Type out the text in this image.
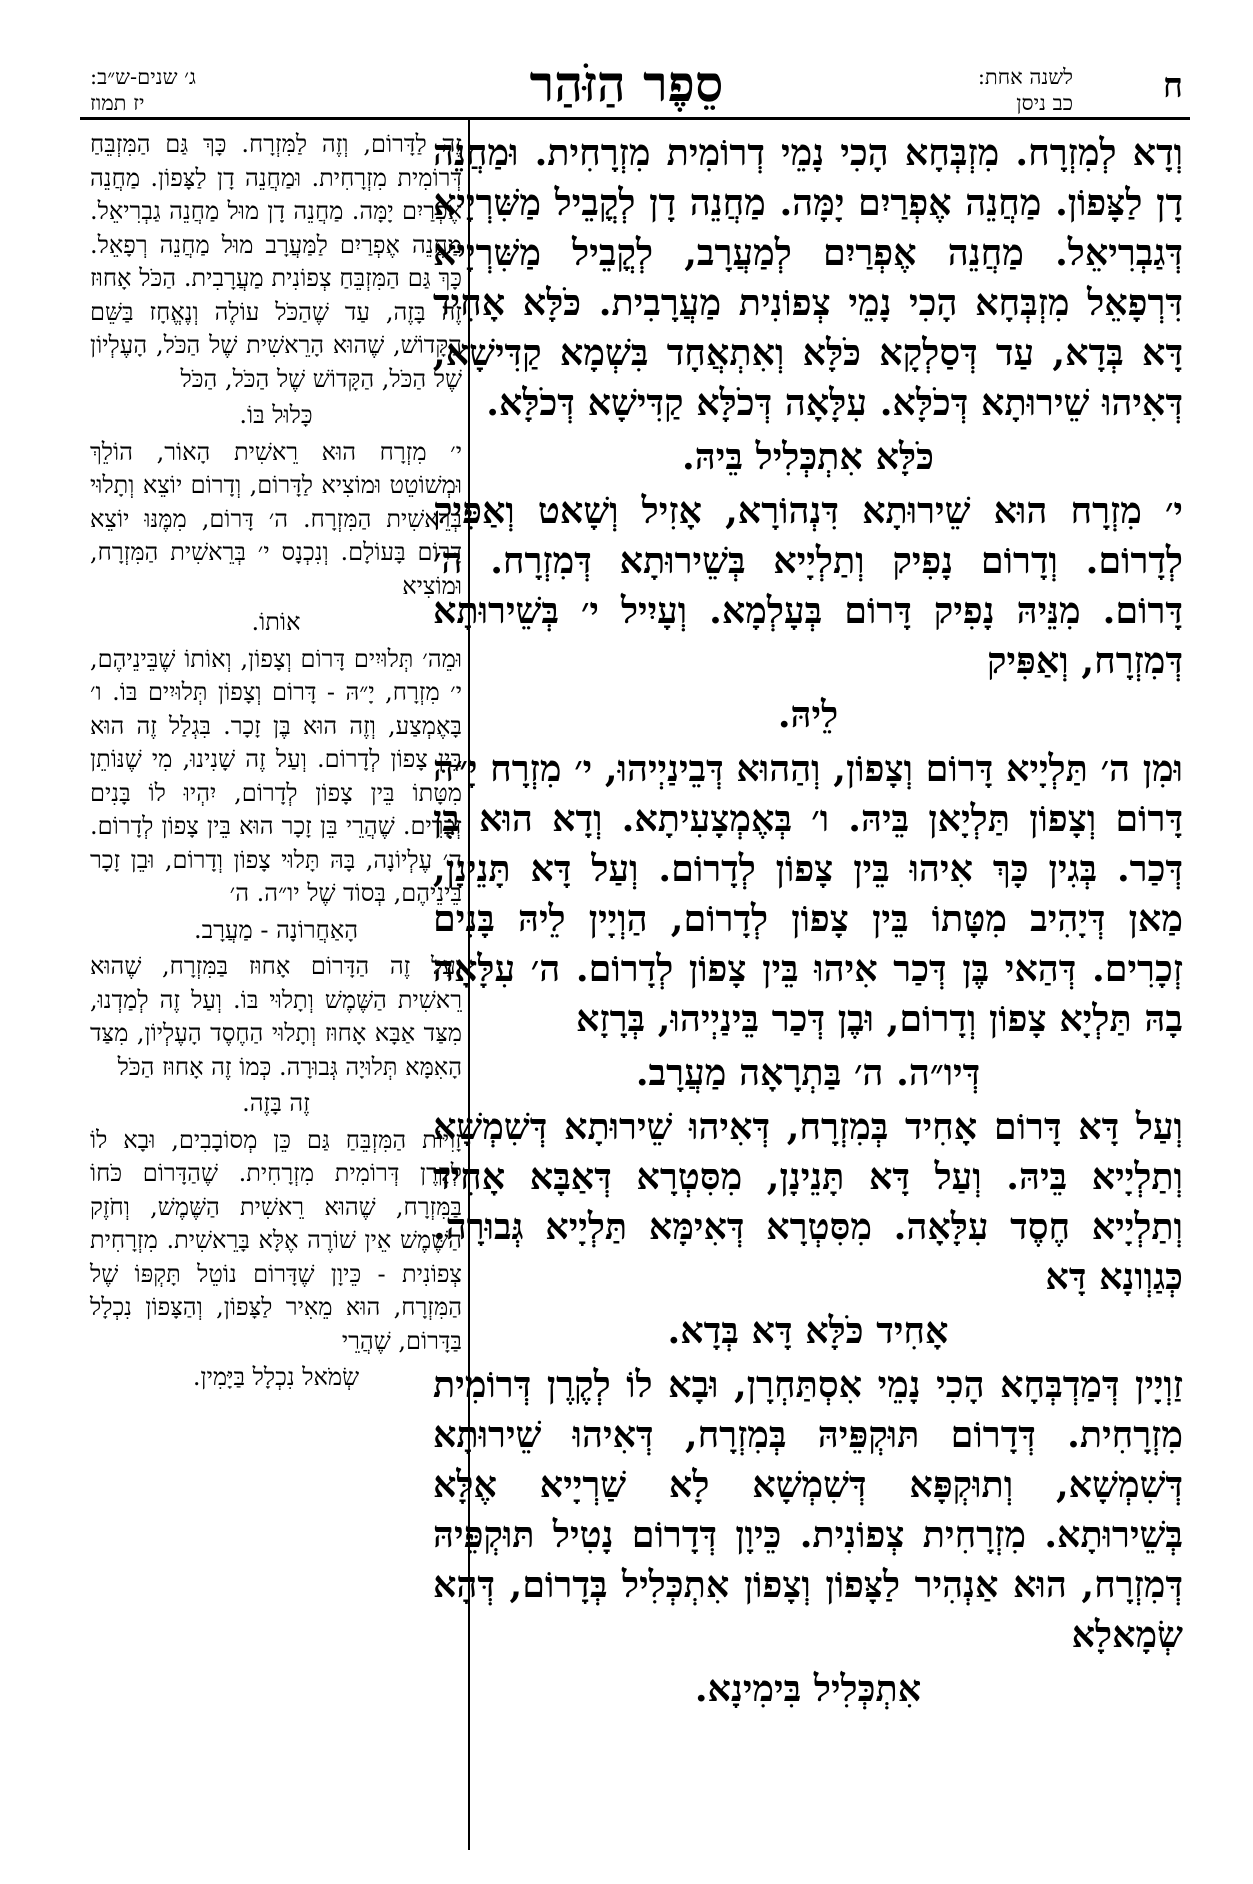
ח
לשנה אחת:
כב ניסן
סֵפֶר הַזֹּהַר
ג׳ שנים-ש״ב:
יז תמוז

וְדָא לְמִזְרָח. מִזְבְּחָא הָכִי נָמֵי דְרוֹמִית מִזְרָחִית. וּמַחֲנֵה דָן לַצָּפוֹן. מַחֲנֵה אֶפְרַיִם יָמָּה. מַחֲנֵה דָן לְקֳבֵיל מַשִּׁרְיָיא דְּגַבְרִיאֵל. מַחֲנֵה אֶפְרַיִם לְמַעֲרָב, לְקֳבֵיל מַשִּׁרְיָיא דִּרְפָאֵל מִזְבְּחָא הָכִי נָמֵי צְפוֹנִית מַעֲרָבִית. כֹּלָּא אָחִיד דָּא בְּדָא, עַד דְּסַלְקָא כֹּלָּא וְאִתְאֲחָד בִּשְׁמָא קַדִּישָׁא, דְּאִיהוּ שֵׁירוּתָא דְּכֹלָּא. עִלָּאָה דְּכֹלָּא קַדִּישָׁא דְּכֹלָּא.

כֹּלָּא אִתְכְּלִיל בֵּיהּ.

י׳ מִזְרָח הוּא שֵׁירוּתָא דִּנְהוֹרָא, אָזִיל וְשָׁאט וְאַפִּיק לְדָרוֹם. וְדָרוֹם נָפִיק וְתַלְיָיא בְּשֵׁירוּתָא דְּמִזְרָח. ה׳ דָּרוֹם. מִנֵּיהּ נָפִיק דָּרוֹם בְּעָלְמָא. וְעָיִיל י׳ בְּשֵׁירוּתָא דְּמִזְרָח, וְאַפִּיק

לֵיהּ.

וּמִן ה׳ תַּלְיָיא דָּרוֹם וְצָפוֹן, וְהַהוּא דְּבֵינַיְיהוּ, י׳ מִזְרָח יָ״הּ דָּרוֹם וְצָפוֹן תַּלְיָאן בֵּיהּ. ו׳ בְּאֶמְצָעִיתָא. וְדָא הוּא בֶּן דְּכַר. בְּגִין כָּךְ אִיהוּ בֵּין צָפוֹן לְדָרוֹם. וְעַל דָּא תָּנֵינָן, מַאן דְּיָהִיב מִטָּתוֹ בֵּין צָפוֹן לְדָרוֹם, הַוְיָין לֵיהּ בָּנִים זְכָרִים. דְּהַאי בֶּן דְּכַר אִיהוּ בֵּין צָפוֹן לְדָרוֹם. ה׳ עִלָּאָה בָהּ תַּלְיָא צָפוֹן וְדָרוֹם, וּבֶן דְּכַר בֵּינַיְיהוּ, בְּרָזָא

דְּיו״ה. ה׳ בַּתְרָאָה מַעֲרָב.

וְעַל דָּא דָּרוֹם אָחִיד בְּמִזְרָח, דְּאִיהוּ שֵׁירוּתָא דְּשִׁמְשָׁא וְתַלְיָיא בֵּיהּ. וְעַל דָּא תָּנֵינָן, מִסִּטְרָא דְּאַבָּא אָחִיד וְתַלְיָיא חֶסֶד עִלָּאָה. מִסִּטְרָא דְּאִימָּא תַּלְיָיא גְּבוּרָה. כְּגַוְונָא דָּא

אָחִיד כֹּלָּא דָּא בְּדָא.

זַוְיָין דְּמַדְבְּחָא הָכִי נָמֵי אִסְתַּחְרָן, וּבָא לוֹ לְקֶרֶן דְּרוֹמִית מִזְרָחִית. דְּדָרוֹם תּוּקְפֵּיהּ בְּמִזְרָח, דְּאִיהוּ שֵׁירוּתָא דְּשִׁמְשָׁא, וְתוּקְפָּא דְּשִׁמְשָׁא לָא שַׁרְיָיא אֶלָּא בְּשֵׁירוּתָא. מִזְרָחִית צְפוֹנִית. כֵּיוָן דְּדָרוֹם נָטִיל תּוּקְפֵּיהּ דְּמִזְרָח, הוּא אַנְהִיר לַצָּפוֹן וְצָפוֹן אִתְכְּלִיל בְּדָרוֹם, דְּהָא שְׂמָאלָא

אִתְכְּלִיל בִּימִינָא.

זֶה לַדָּרוֹם, וְזֶה לַמִּזְרָח. כָּךְ גַּם הַמִּזְבֵּחַ דְּרוֹמִית מִזְרָחִית. וּמַחֲנֵה דָן לַצָּפוֹן. מַחֲנֵה אֶפְרַיִם יָמָּה. מַחֲנֵה דָן מוּל מַחֲנֵה גַבְרִיאֵל. מַחֲנֵה אֶפְרַיִם לַמַּעֲרָב מוּל מַחֲנֵה רְפָאֵל. כָּךְ גַּם הַמִּזְבֵּחַ צְפוֹנִית מַעֲרָבִית. הַכֹּל אָחוּז זֶה בָּזֶה, עַד שֶׁהַכֹּל עוֹלֶה וְנֶאֱחָז בַּשֵּׁם הַקָּדוֹשׁ, שֶׁהוּא הָרֵאשִׁית שֶׁל הַכֹּל, הָעֶלְיוֹן שֶׁל הַכֹּל, הַקָּדוֹשׁ שֶׁל הַכֹּל, הַכֹּל

כָּלוּל בּוֹ.

י׳ מִזְרָח הוּא רֵאשִׁית הָאוֹר, הוֹלֵךְ וּמְשׁוֹטֵט וּמוֹצִיא לַדָּרוֹם, וְדָרוֹם יוֹצֵא וְתָלוּי בְּרֵאשִׁית הַמִּזְרָח. ה׳ דָּרוֹם, מִמֶּנּוּ יוֹצֵא דָּרוֹם בָּעוֹלָם. וְנִכְנָס י׳ בְּרֵאשִׁית הַמִּזְרָח, וּמוֹצִיא

אוֹתוֹ.

וּמֵה׳ תְּלוּיִים דָּרוֹם וְצָפוֹן, וְאוֹתוֹ שֶׁבֵּינֵיהֶם, י׳ מִזְרָח, יָ״הּ - דָּרוֹם וְצָפוֹן תְּלוּיִים בּוֹ. ו׳ בָּאֶמְצַע, וְזֶה הוּא בֶּן זָכָר. בִּגְלַל זֶה הוּא בֵּין צָפוֹן לְדָרוֹם. וְעַל זֶה שָׁנִינוּ, מִי שֶׁנּוֹתֵן מִטָּתוֹ בֵּין צָפוֹן לְדָרוֹם, יִהְיוּ לוֹ בָּנִים זְכָרִים. שֶׁהֲרֵי בֵּן זָכָר הוּא בֵּין צָפוֹן לְדָרוֹם. ה׳ עֶלְיוֹנָה, בָּהּ תָּלוּי צָפוֹן וְדָרוֹם, וּבֵן זָכָר בֵּינֵיהֶם, בְּסוֹד שֶׁל יו״ה. ה׳

הָאַחֲרוֹנָה - מַעֲרָב.

וְעַל זֶה הַדָּרוֹם אָחוּז בַּמִּזְרָח, שֶׁהוּא רֵאשִׁית הַשֶּׁמֶשׁ וְתָלוּי בּוֹ. וְעַל זֶה לְמַדְנוּ, מִצַּד אַבָּא אָחוּז וְתָלוּי הַחֶסֶד הָעֶלְיוֹן, מִצַּד הָאִמָּא תְּלוּיָה גְּבוּרָה. כְּמוֹ זֶה אָחוּז הַכֹּל

זֶה בָּזֶה.

זָוִיּוֹת הַמִּזְבֵּחַ גַּם כֵּן מְסוֹבָבִים, וּבָא לוֹ לְקֶרֶן דְּרוֹמִית מִזְרָחִית. שֶׁהַדָּרוֹם כֹּחוֹ בַּמִּזְרָח, שֶׁהוּא רֵאשִׁית הַשֶּׁמֶשׁ, וְחֹזֶק הַשֶּׁמֶשׁ אֵין שׁוֹרֶה אֶלָּא בָּרֵאשִׁית. מִזְרָחִית צְפוֹנִית - כֵּיוָן שֶׁדָּרוֹם נוֹטֵל תָּקְפּוֹ שֶׁל הַמִּזְרָח, הוּא מֵאִיר לַצָּפוֹן, וְהַצָּפוֹן נִכְלָל בַּדָּרוֹם, שֶׁהֲרֵי

שְׂמֹאל נִכְלָל בַּיָּמִין.
